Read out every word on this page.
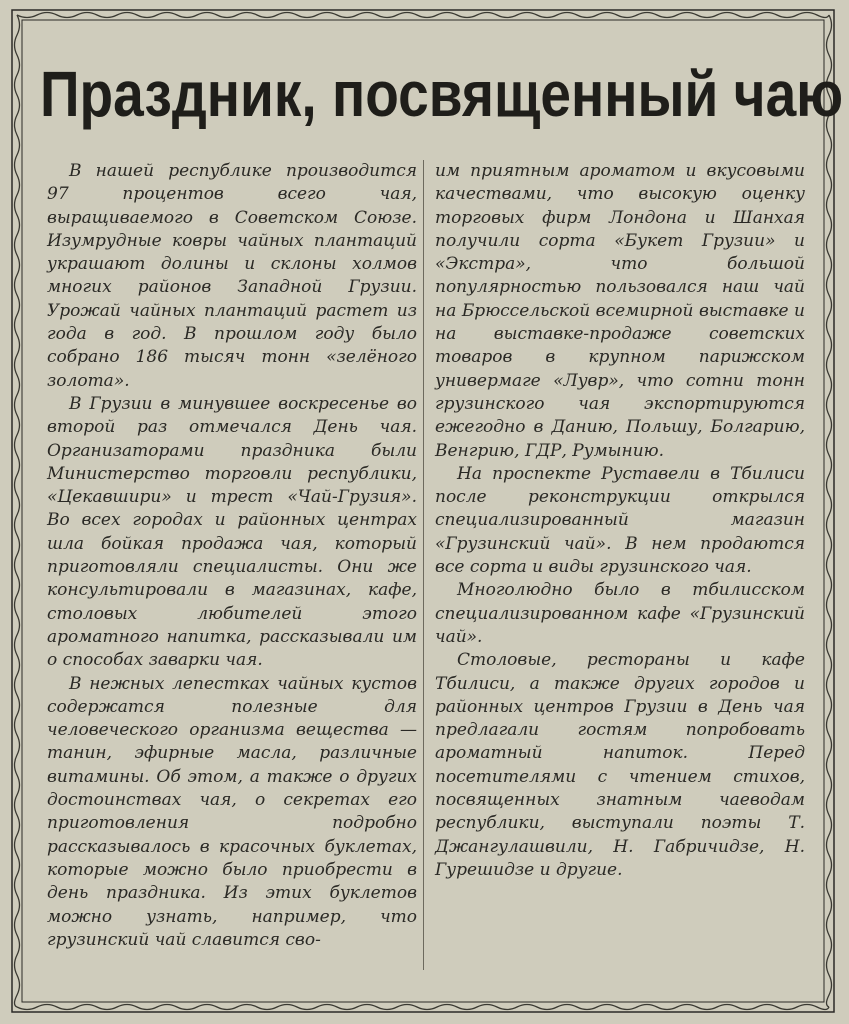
Праздник, посвященный чаю

В нашей республике производится 97 процентов всего чая, выращиваемого в Советском Союзе. Изумрудные ковры чайных плантаций украшают долины и склоны холмов многих районов Западной Грузии. Урожай чайных плантаций растет из года в год. В прошлом году было собрано 186 тысяч тонн «зелёного золота».

В Грузии в минувшее воскресенье во второй раз отмечался День чая. Организаторами праздника были Министерство торговли республики, «Цекавшири» и трест «Чай-Грузия». Во всех городах и районных центрах шла бойкая продажа чая, который приготовляли специалисты. Они же консультировали в магазинах, кафе, столовых любителей этого ароматного напитка, рассказывали им о способах заварки чая.

В нежных лепестках чайных кустов содержатся полезные для человеческого организма вещества — танин, эфирные масла, различные витамины. Об этом, а также о других достоинствах чая, о секретах его приготовления подробно рассказывалось в красочных буклетах, которые можно было приобрести в день праздника. Из этих буклетов можно узнать, например, что грузинский чай славится сво-

им приятным ароматом и вкусовыми качествами, что высокую оценку торговых фирм Лондона и Шанхая получили сорта «Букет Грузии» и «Экстра», что большой популярностью пользовался наш чай на Брюссельской всемирной выставке и на выставке-продаже советских товаров в крупном парижском универмаге «Лувр», что сотни тонн грузинского чая экспортируются ежегодно в Данию, Польшу, Болгарию, Венгрию, ГДР, Румынию.

На проспекте Руставели в Тбилиси после реконструкции открылся специализированный магазин «Грузинский чай». В нем продаются все сорта и виды грузинского чая.

Многолюдно было в тбилисском специализированном кафе «Грузинский чай».

Столовые, рестораны и кафе Тбилиси, а также других городов и районных центров Грузии в День чая предлагали гостям попробовать ароматный напиток. Перед посетителями с чтением стихов, посвященных знатным чаеводам республики, выступали поэты Т. Джангулашвили, Н. Габричидзе, Н. Гурешидзе и другие.
